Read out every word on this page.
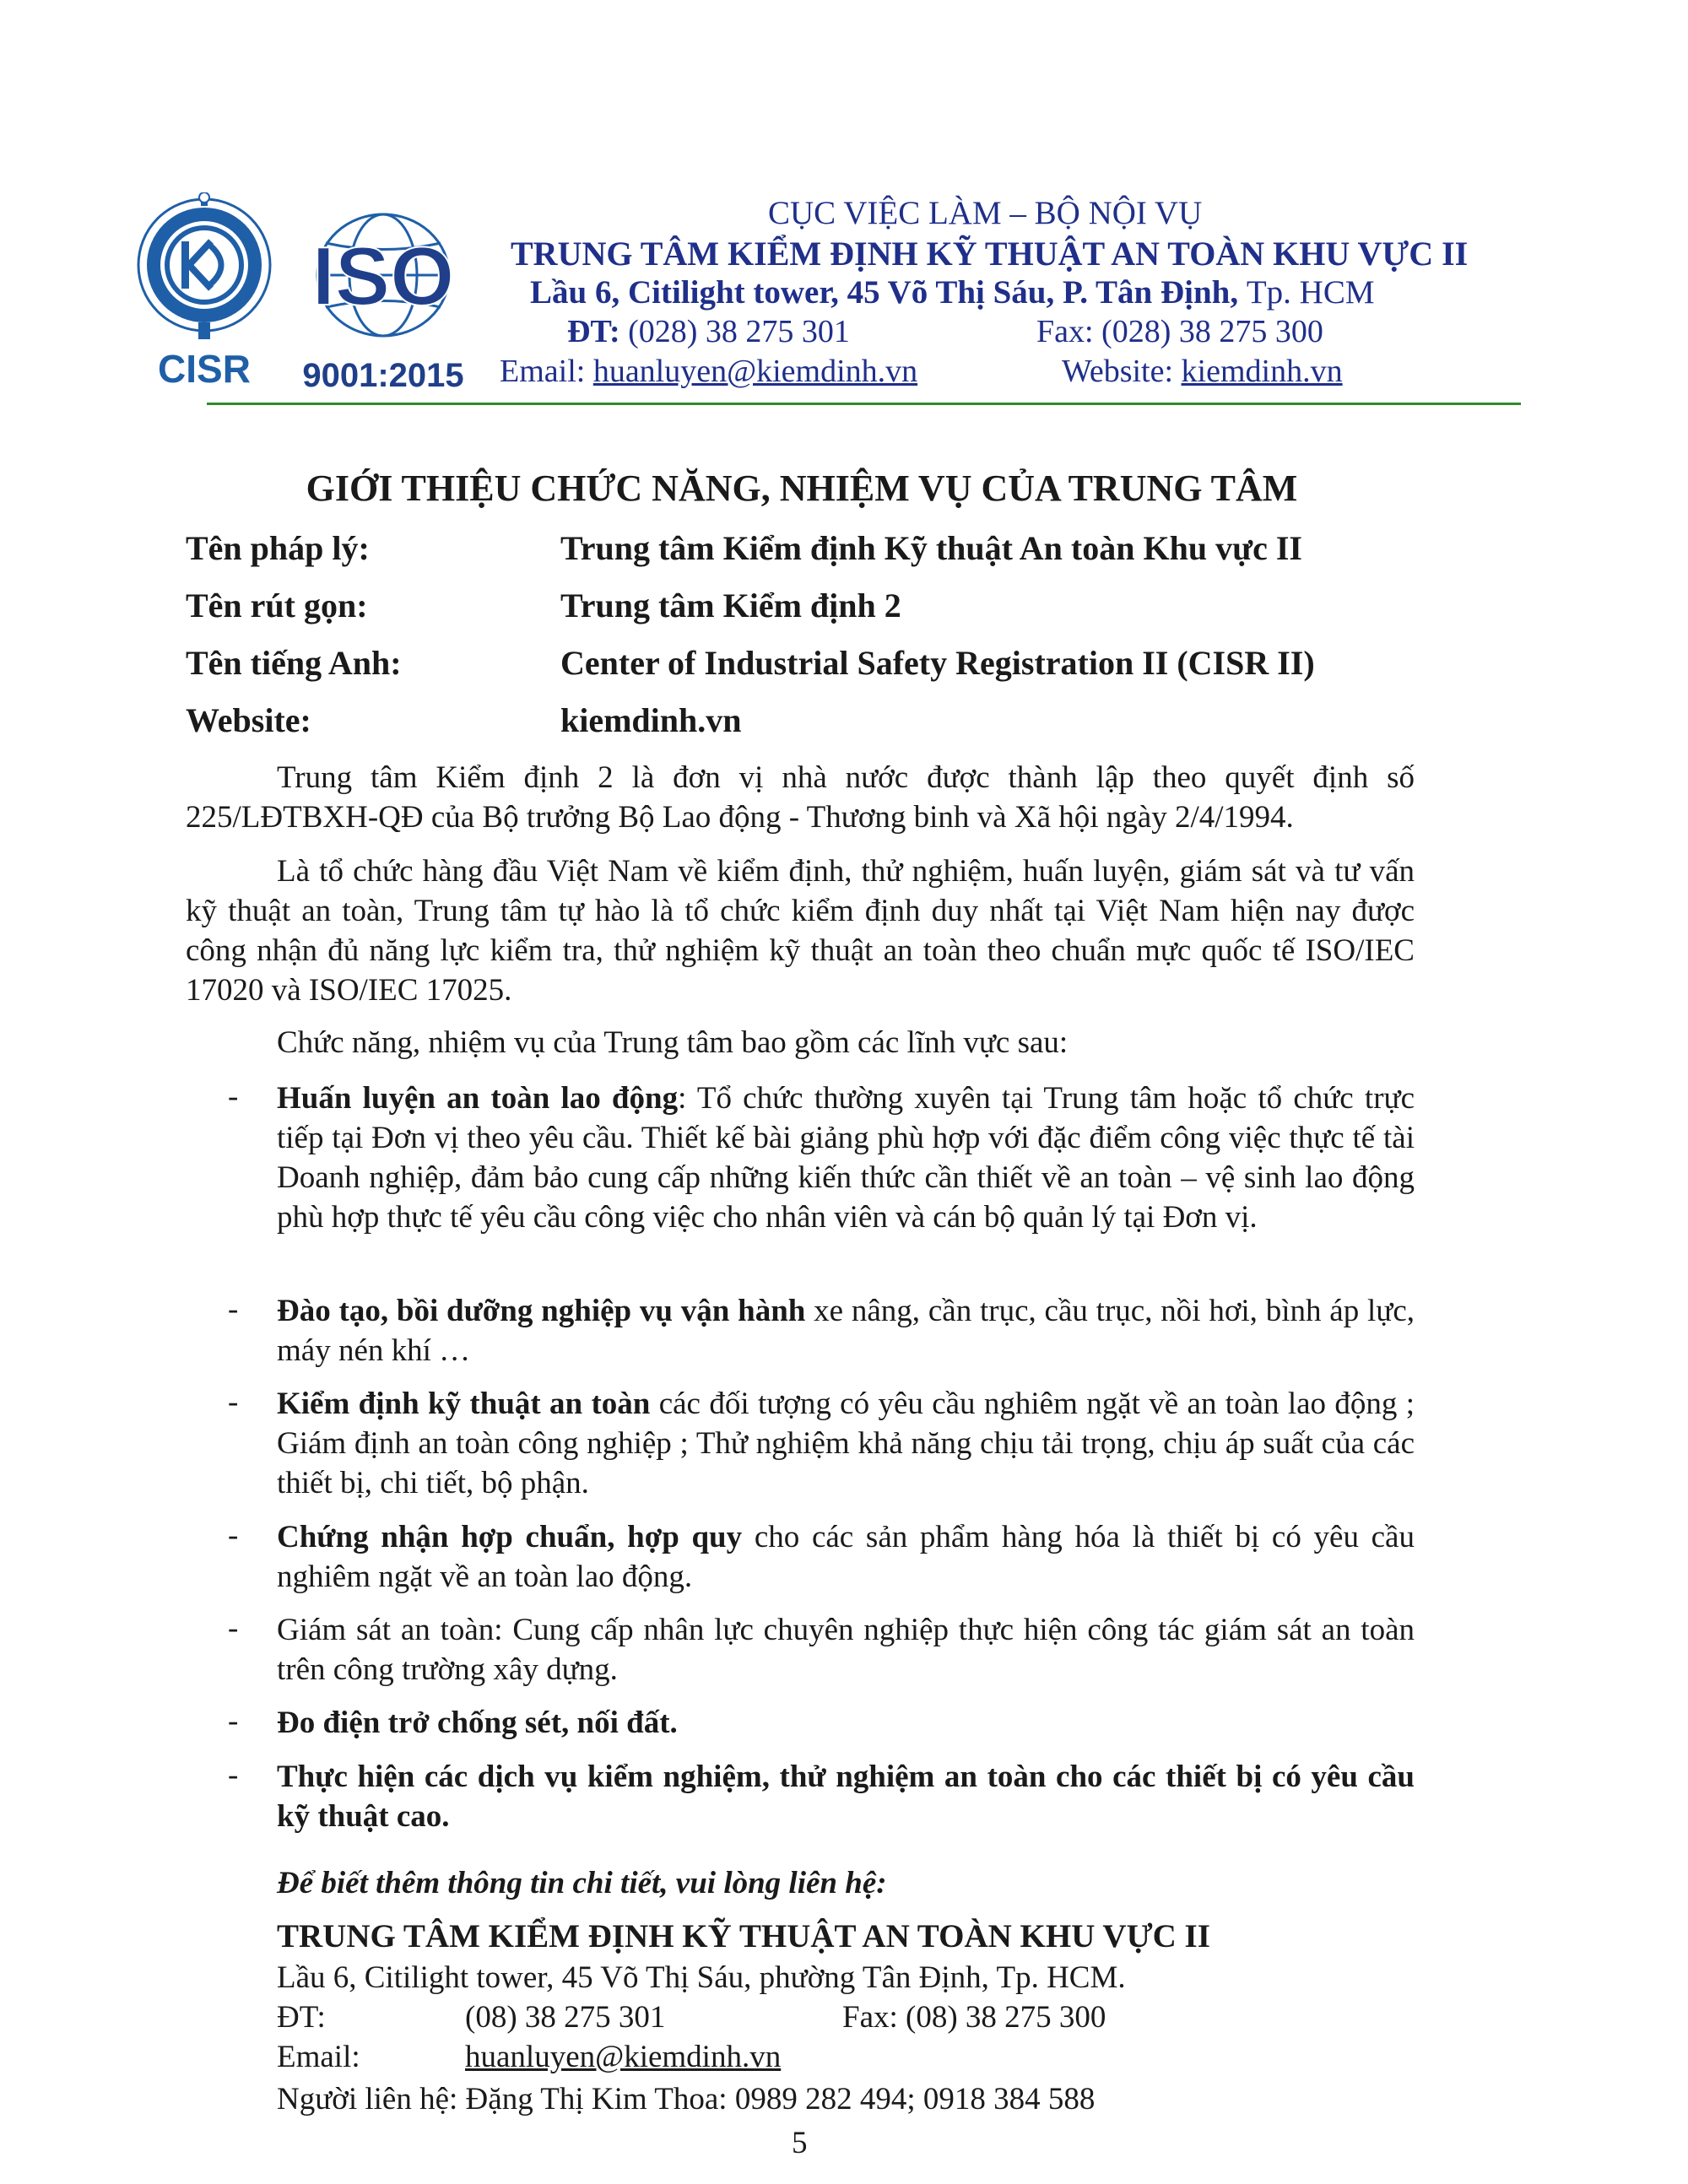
CISR
ISO
9001:2015
CỤC VIỆC LÀM – BỘ NỘI VỤ
TRUNG TÂM KIỂM ĐỊNH KỸ THUẬT AN TOÀN KHU VỰC II
Lầu 6, Citilight tower, 45 Võ Thị Sáu, P. Tân Định, Tp. HCM
ĐT: (028) 38 275 301	Fax: (028) 38 275 300
Email: huanluyen@kiemdinh.vn	Website: kiemdinh.vn
GIỚI THIỆU CHỨC NĂNG, NHIỆM VỤ CỦA TRUNG TÂM
Tên pháp lý:	Trung tâm Kiểm định Kỹ thuật An toàn Khu vực II
Tên rút gọn:	Trung tâm Kiểm định 2
Tên tiếng Anh:	Center of Industrial Safety Registration II (CISR II)
Website:	kiemdinh.vn
Trung tâm Kiểm định 2 là đơn vị nhà nước được thành lập theo quyết định số 225/LĐTBXH-QĐ của Bộ trưởng Bộ Lao động - Thương binh và Xã hội ngày 2/4/1994.
Là tổ chức hàng đầu Việt Nam về kiểm định, thử nghiệm, huấn luyện, giám sát và tư vấn kỹ thuật an toàn, Trung tâm tự hào là tổ chức kiểm định duy nhất tại Việt Nam hiện nay được công nhận đủ năng lực kiểm tra, thử nghiệm kỹ thuật an toàn theo chuẩn mực quốc tế ISO/IEC 17020 và ISO/IEC 17025.
Chức năng, nhiệm vụ của Trung tâm bao gồm các lĩnh vực sau:
- Huấn luyện an toàn lao động: Tổ chức thường xuyên tại Trung tâm hoặc tổ chức trực tiếp tại Đơn vị theo yêu cầu. Thiết kế bài giảng phù hợp với đặc điểm công việc thực tế tài Doanh nghiệp, đảm bảo cung cấp những kiến thức cần thiết về an toàn – vệ sinh lao động phù hợp thực tế yêu cầu công việc cho nhân viên và cán bộ quản lý tại Đơn vị.
- Đào tạo, bồi dưỡng nghiệp vụ vận hành xe nâng, cần trục, cầu trục, nồi hơi, bình áp lực, máy nén khí …
- Kiểm định kỹ thuật an toàn các đối tượng có yêu cầu nghiêm ngặt về an toàn lao động ; Giám định an toàn công nghiệp ; Thử nghiệm khả năng chịu tải trọng, chịu áp suất của các thiết bị, chi tiết, bộ phận.
- Chứng nhận hợp chuẩn, hợp quy cho các sản phẩm hàng hóa là thiết bị có yêu cầu nghiêm ngặt về an toàn lao động.
- Giám sát an toàn: Cung cấp nhân lực chuyên nghiệp thực hiện công tác giám sát an toàn trên công trường xây dựng.
- Đo điện trở chống sét, nối đất.
- Thực hiện các dịch vụ kiểm nghiệm, thử nghiệm an toàn cho các thiết bị có yêu cầu kỹ thuật cao.
Để biết thêm thông tin chi tiết, vui lòng liên hệ:
TRUNG TÂM KIỂM ĐỊNH KỸ THUẬT AN TOÀN KHU VỰC II
Lầu 6, Citilight tower, 45 Võ Thị Sáu, phường Tân Định, Tp. HCM.
ĐT:	(08) 38 275 301	Fax: (08) 38 275 300
Email:	huanluyen@kiemdinh.vn
Người liên hệ: Đặng Thị Kim Thoa: 0989 282 494; 0918 384 588
5
